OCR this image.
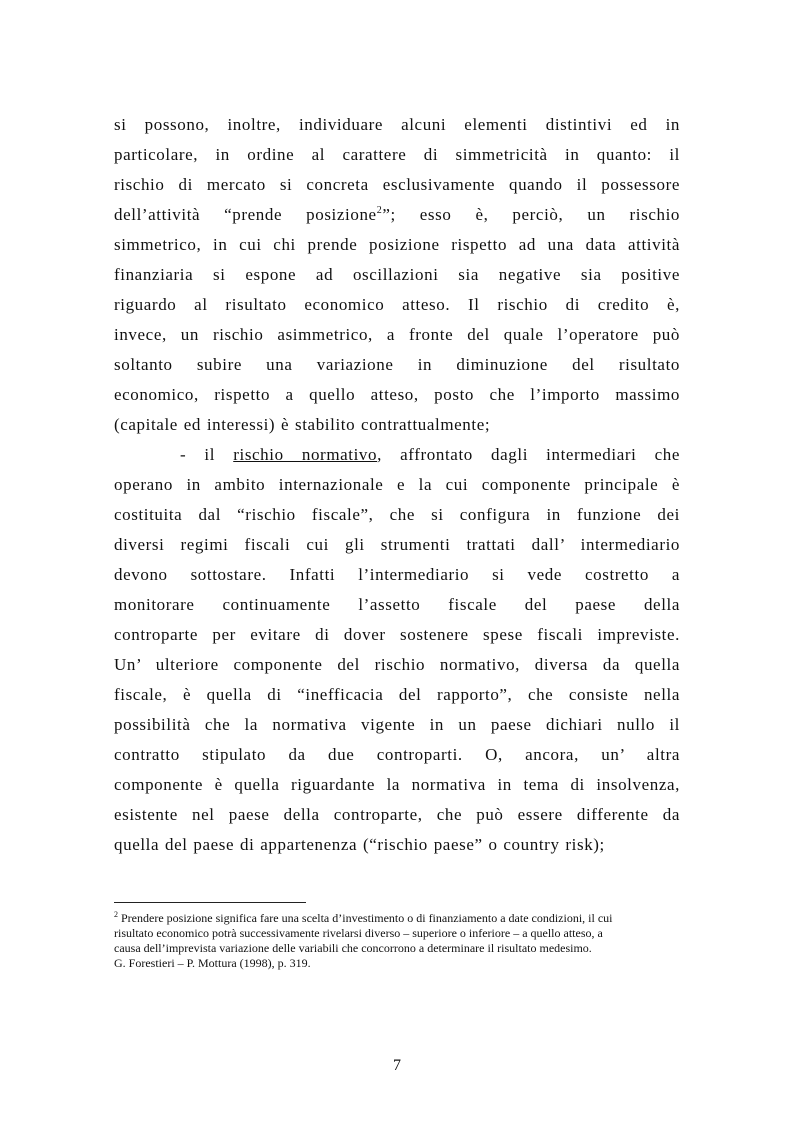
si possono, inoltre, individuare alcuni elementi distintivi ed in
particolare, in ordine al carattere di simmetricità in quanto: il
rischio di mercato si concreta esclusivamente quando il possessore
dell’attività “prende posizione$^2$”; esso è, perciò, un rischio
simmetrico, in cui chi prende posizione rispetto ad una data attività
finanziaria si espone ad oscillazioni sia negative sia positive
riguardo al risultato economico atteso. Il rischio di credito è,
invece, un rischio asimmetrico, a fronte del quale l’operatore può
soltanto subire una variazione in diminuzione del risultato
economico, rispetto a quello atteso, posto che l’importo massimo
(capitale ed interessi) è stabilito contrattualmente;
- il rischio normativo, affrontato dagli intermediari che
operano in ambito internazionale e la cui componente principale è
costituita dal “rischio fiscale”, che si configura in funzione dei
diversi regimi fiscali cui gli strumenti trattati dall’ intermediario
devono sottostare. Infatti l’intermediario si vede costretto a
monitorare continuamente l’assetto fiscale del paese della
controparte per evitare di dover sostenere spese fiscali impreviste.
Un’ ulteriore componente del rischio normativo, diversa da quella
fiscale, è quella di “inefficacia del rapporto”, che consiste nella
possibilità che la normativa vigente in un paese dichiari nullo il
contratto stipulato da due controparti. O, ancora, un’ altra
componente è quella riguardante la normativa in tema di insolvenza,
esistente nel paese della controparte, che può essere differente da
quella del paese di appartenenza (“rischio paese” o country risk);
$^2$ Prendere posizione significa fare una scelta d’investimento o di finanziamento a date condizioni, il cui
risultato economico potrà successivamente rivelarsi diverso – superiore o inferiore – a quello atteso, a
causa dell’imprevista variazione delle variabili che concorrono a determinare il risultato medesimo.
G. Forestieri – P. Mottura (1998), p. 319.
7
